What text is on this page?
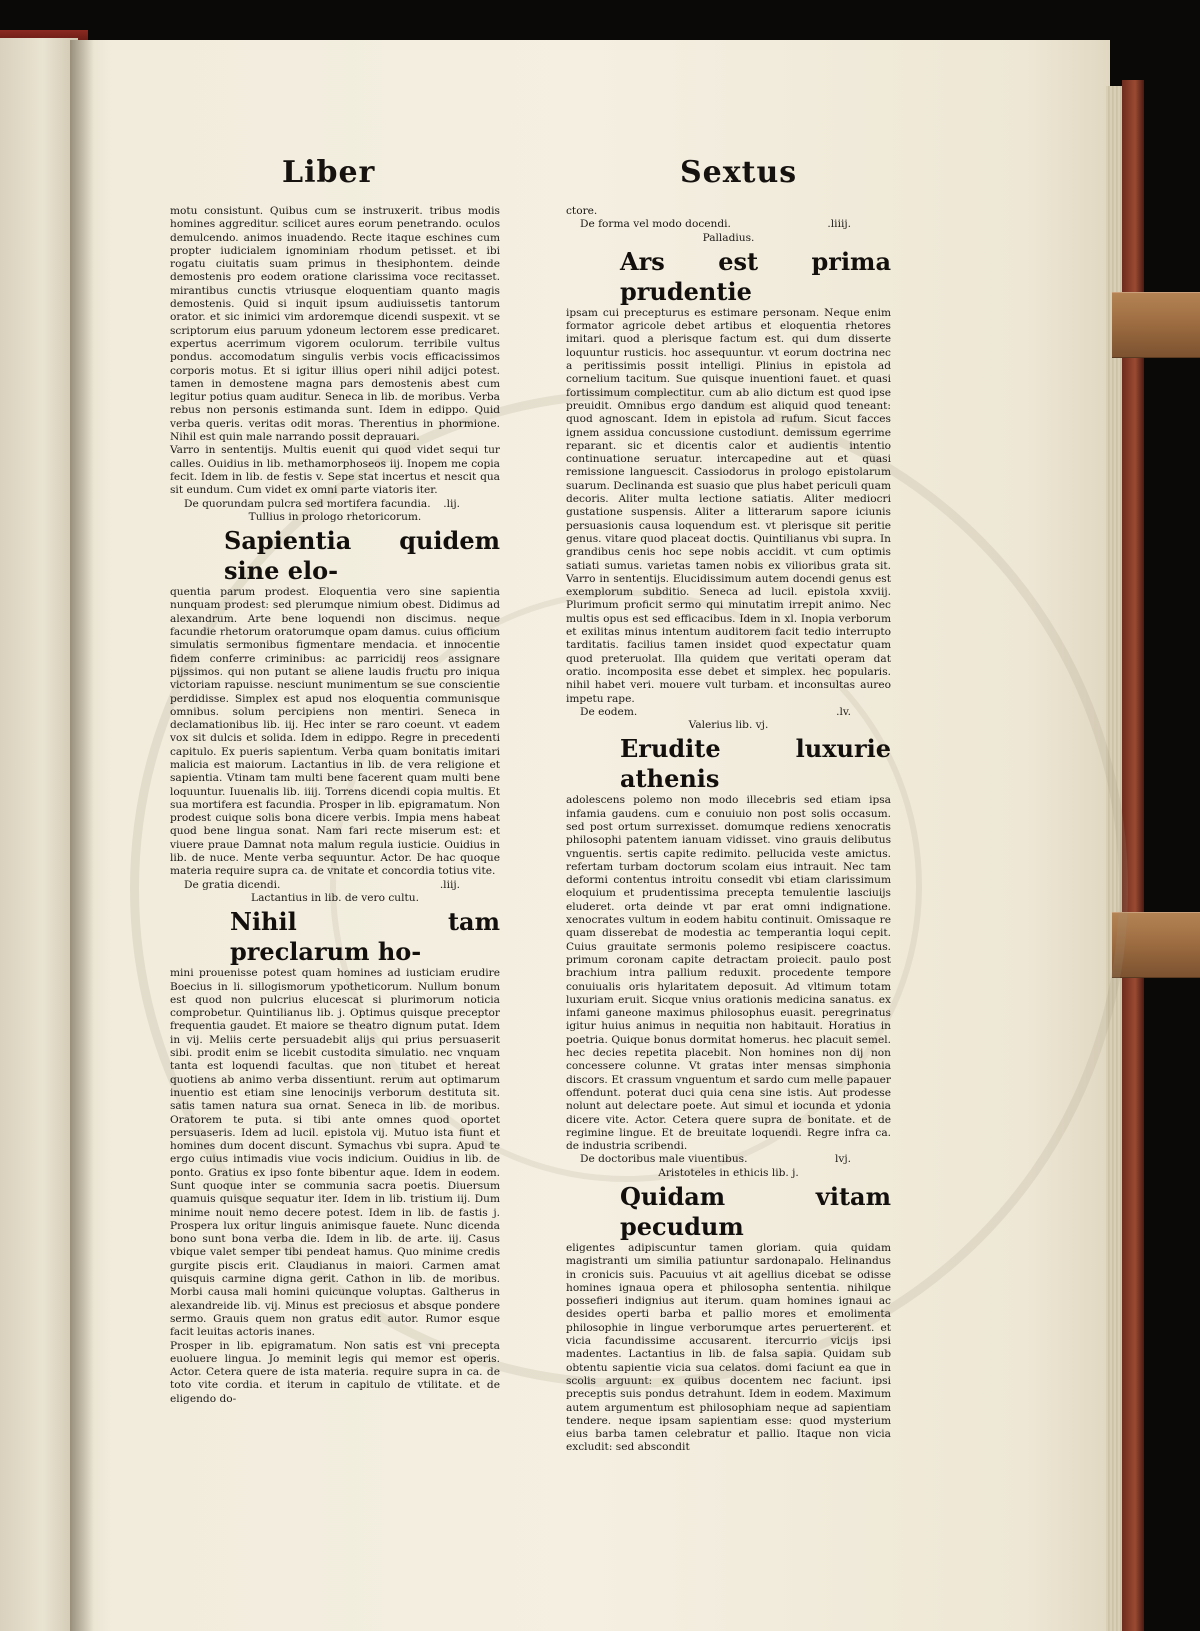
Liber	Sextus

motu consistunt. Quibus cum se instruxerit. tribus modis homines aggreditur. scilicet aures eorum penetrando. oculos demulcendo. animos inuadendo. Recte itaque eschines cum propter iudicialem ignominiam rhodum petisset. et ibi rogatu ciuitatis suam primus in thesiphontem. deinde demostenis pro eodem oratione clarissima voce recitasset. mirantibus cunctis vtriusque eloquentiam quanto magis demostenis. Quid si inquit ipsum audiuissetis tantorum orator. et sic inimici vim ardoremque dicendi suspexit. vt se scriptorum eius paruum ydoneum lectorem esse predicaret. expertus acerrimum vigorem oculorum. terribile vultus pondus. accomodatum singulis verbis vocis efficacissimos corporis motus. Et si igitur illius operi nihil adijci potest. tamen in demostene magna pars demostenis abest cum legitur potius quam auditur. Seneca in lib. de moribus. Verba rebus non personis estimanda sunt. Idem in edippo. Quid verba queris. veritas odit moras. Therentius in phormione. Nihil est quin male narrando possit deprauari.

Varro in sententijs. Multis euenit qui quod videt sequi tur calles. Ouidius in lib. methamorphoseos iij. Inopem me copia fecit. Idem in lib. de festis v. Sepe stat incertus et nescit qua sit eundum. Cum videt ex omni parte viatoris iter.

De quorundam pulcra sed mortifera facundia. .lij.
Tullius in prologo rhetoricorum.
Sapientia quidem sine elo-

quentia parum prodest. Eloquentia vero sine sapientia nunquam prodest: sed plerumque nimium obest. Didimus ad alexandrum. Arte bene loquendi non discimus. neque facundie rhetorum oratorumque opam damus. cuius officium simulatis sermonibus figmentare mendacia. et innocentie fidem conferre criminibus: ac parricidij reos assignare pijssimos. qui non putant se aliene laudis fructu pro iniqua victoriam rapuisse. nesciunt munimentum se sue conscientie perdidisse. Simplex est apud nos eloquentia communisque omnibus. solum percipiens non mentiri. Seneca in declamationibus lib. iij. Hec inter se raro coeunt. vt eadem vox sit dulcis et solida. Idem in edippo. Regre in precedenti capitulo. Ex pueris sapientum. Verba quam bonitatis imitari malicia est maiorum. Lactantius in lib. de vera religione et sapientia. Vtinam tam multi bene facerent quam multi bene loquuntur. Iuuenalis lib. iiij. Torrens dicendi copia multis. Et sua mortifera est facundia. Prosper in lib. epigramatum. Non prodest cuique solis bona dicere verbis. Impia mens habeat quod bene lingua sonat. Nam fari recte miserum est: et viuere praue Damnat nota malum regula iusticie. Ouidius in lib. de nuce. Mente verba sequuntur. Actor. De hac quoque materia require supra ca. de vnitate et concordia totius vite.

De gratia dicendi.	.liij.
Lactantius in lib. de vero cultu.
Nihil tam preclarum ho-

mini prouenisse potest quam homines ad iusticiam erudire Boecius in li. sillogismorum ypotheticorum. Nullum bonum est quod non pulcrius elucescat si plurimorum noticia comprobetur. Quintilianus lib. j. Optimus quisque preceptor frequentia gaudet. Et maiore se theatro dignum putat. Idem in vij. Meliis certe persuadebit alijs qui prius persuaserit sibi. prodit enim se licebit custodita simulatio. nec vnquam tanta est loquendi facultas. que non titubet et hereat quotiens ab animo verba dissentiunt. rerum aut optimarum inuentio est etiam sine lenocinijs verborum destituta sit. satis tamen natura sua ornat. Seneca in lib. de moribus. Oratorem te puta. si tibi ante omnes quod oportet persuaseris. Idem ad lucil. epistola vij. Mutuo ista fiunt et homines dum docent discunt. Symachus vbi supra. Apud te ergo cuius intimadis viue vocis indicium. Ouidius in lib. de ponto. Gratius ex ipso fonte bibentur aque. Idem in eodem. Sunt quoque inter se communia sacra poetis. Diuersum quamuis quisque sequatur iter. Idem in lib. tristium iij. Dum minime nouit nemo decere potest. Idem in lib. de fastis j. Prospera lux oritur linguis animisque fauete. Nunc dicenda bono sunt bona verba die. Idem in lib. de arte. iij. Casus vbique valet semper tibi pendeat hamus. Quo minime credis gurgite piscis erit. Claudianus in maiori. Carmen amat quisquis carmine digna gerit. Cathon in lib. de moribus. Morbi causa mali homini quicunque voluptas. Galtherus in alexandreide lib. vij. Minus est preciosus et absque pondere sermo. Grauis quem non gratus edit autor. Rumor esque facit leuitas actoris inanes.

Prosper in lib. epigramatum. Non satis est vni precepta euoluere lingua. Jo meminit legis qui memor est operis. Actor. Cetera quere de ista materia. require supra in ca. de toto vite cordia. et iterum in capitulo de vtilitate. et de eligendo do-

ctore.

De forma vel modo docendi.	.liiij.
Palladius.
Ars est prima prudentie

ipsam cui precepturus es estimare personam. Neque enim formator agricole debet artibus et eloquentia rhetores imitari. quod a plerisque factum est. qui dum disserte loquuntur rusticis. hoc assequuntur. vt eorum doctrina nec a peritissimis possit intelligi. Plinius in epistola ad cornelium tacitum. Sue quisque inuentioni fauet. et quasi fortissimum complectitur. cum ab alio dictum est quod ipse preuidit. Omnibus ergo dandum est aliquid quod teneant: quod agnoscant. Idem in epistola ad rufum. Sicut facces ignem assidua concussione custodiunt. demissum egerrime reparant. sic et dicentis calor et audientis intentio continuatione seruatur. intercapedine aut et quasi remissione languescit. Cassiodorus in prologo epistolarum suarum. Declinanda est suasio que plus habet periculi quam decoris. Aliter multa lectione satiatis. Aliter mediocri gustatione suspensis. Aliter a litterarum sapore iciunis persuasionis causa loquendum est. vt plerisque sit peritie genus. vitare quod placeat doctis. Quintilianus vbi supra. In grandibus cenis hoc sepe nobis accidit. vt cum optimis satiati sumus. varietas tamen nobis ex vilioribus grata sit. Varro in sententijs. Elucidissimum autem docendi genus est exemplorum subditio. Seneca ad lucil. epistola xxviij. Plurimum proficit sermo qui minutatim irrepit animo. Nec multis opus est sed efficacibus. Idem in xl. Inopia verborum et exilitas minus intentum auditorem facit tedio interrupto tarditatis. facilius tamen insidet quod expectatur quam quod preteruolat. Illa quidem que veritati operam dat oratio. incomposita esse debet et simplex. hec popularis. nihil habet veri. mouere vult turbam. et inconsultas aureo impetu rape.

De eodem.	.lv.
Valerius lib. vj.
Erudite luxurie athenis

adolescens polemo non modo illecebris sed etiam ipsa infamia gaudens. cum e conuiuio non post solis occasum. sed post ortum surrexisset. domumque rediens xenocratis philosophi patentem ianuam vidisset. vino grauis delibutus vnguentis. sertis capite redimito. pellucida veste amictus. refertam turbam doctorum scolam eius intrauit. Nec tam deformi contentus introitu consedit vbi etiam clarissimum eloquium et prudentissima precepta temulentie lasciuijs eluderet. orta deinde vt par erat omni indignatione. xenocrates vultum in eodem habitu continuit. Omissaque re quam disserebat de modestia ac temperantia loqui cepit. Cuius grauitate sermonis polemo resipiscere coactus. primum coronam capite detractam proiecit. paulo post brachium intra pallium reduxit. procedente tempore conuiualis oris hylaritatem deposuit. Ad vltimum totam luxuriam eruit. Sicque vnius orationis medicina sanatus. ex infami ganeone maximus philosophus euasit. peregrinatus igitur huius animus in nequitia non habitauit. Horatius in poetria. Quique bonus dormitat homerus. hec placuit semel. hec decies repetita placebit. Non homines non dij non concessere colunne. Vt gratas inter mensas simphonia discors. Et crassum vnguentum et sardo cum melle papauer offendunt. poterat duci quia cena sine istis. Aut prodesse nolunt aut delectare poete. Aut simul et iocunda et ydonia dicere vite. Actor. Cetera quere supra de bonitate. et de regimine lingue. Et de breuitate loquendi. Regre infra ca. de industria scribendi.

De doctoribus male viuentibus.	lvj.
Aristoteles in ethicis lib. j.
Quidam vitam pecudum

eligentes adipiscuntur tamen gloriam. quia quidam magistranti um similia patiuntur sardonapalo. Helinandus in cronicis suis. Pacuuius vt ait agellius dicebat se odisse homines ignaua opera et philosopha sententia. nihilque possefieri indignius aut iterum. quam homines ignaui ac desides operti barba et pallio mores et emolimenta philosophie in lingue verborumque artes peruerterent. et vicia facundissime accusarent. itercurrio vicijs ipsi madentes. Lactantius in lib. de falsa sapia. Quidam sub obtentu sapientie vicia sua celatos. domi faciunt ea que in scolis arguunt: ex quibus docentem nec faciunt. ipsi preceptis suis pondus detrahunt. Idem in eodem. Maximum autem argumentum est philosophiam neque ad sapientiam tendere. neque ipsam sapientiam esse: quod mysterium eius barba tamen celebratur et pallio. Itaque non vicia excludit: sed abscondit
